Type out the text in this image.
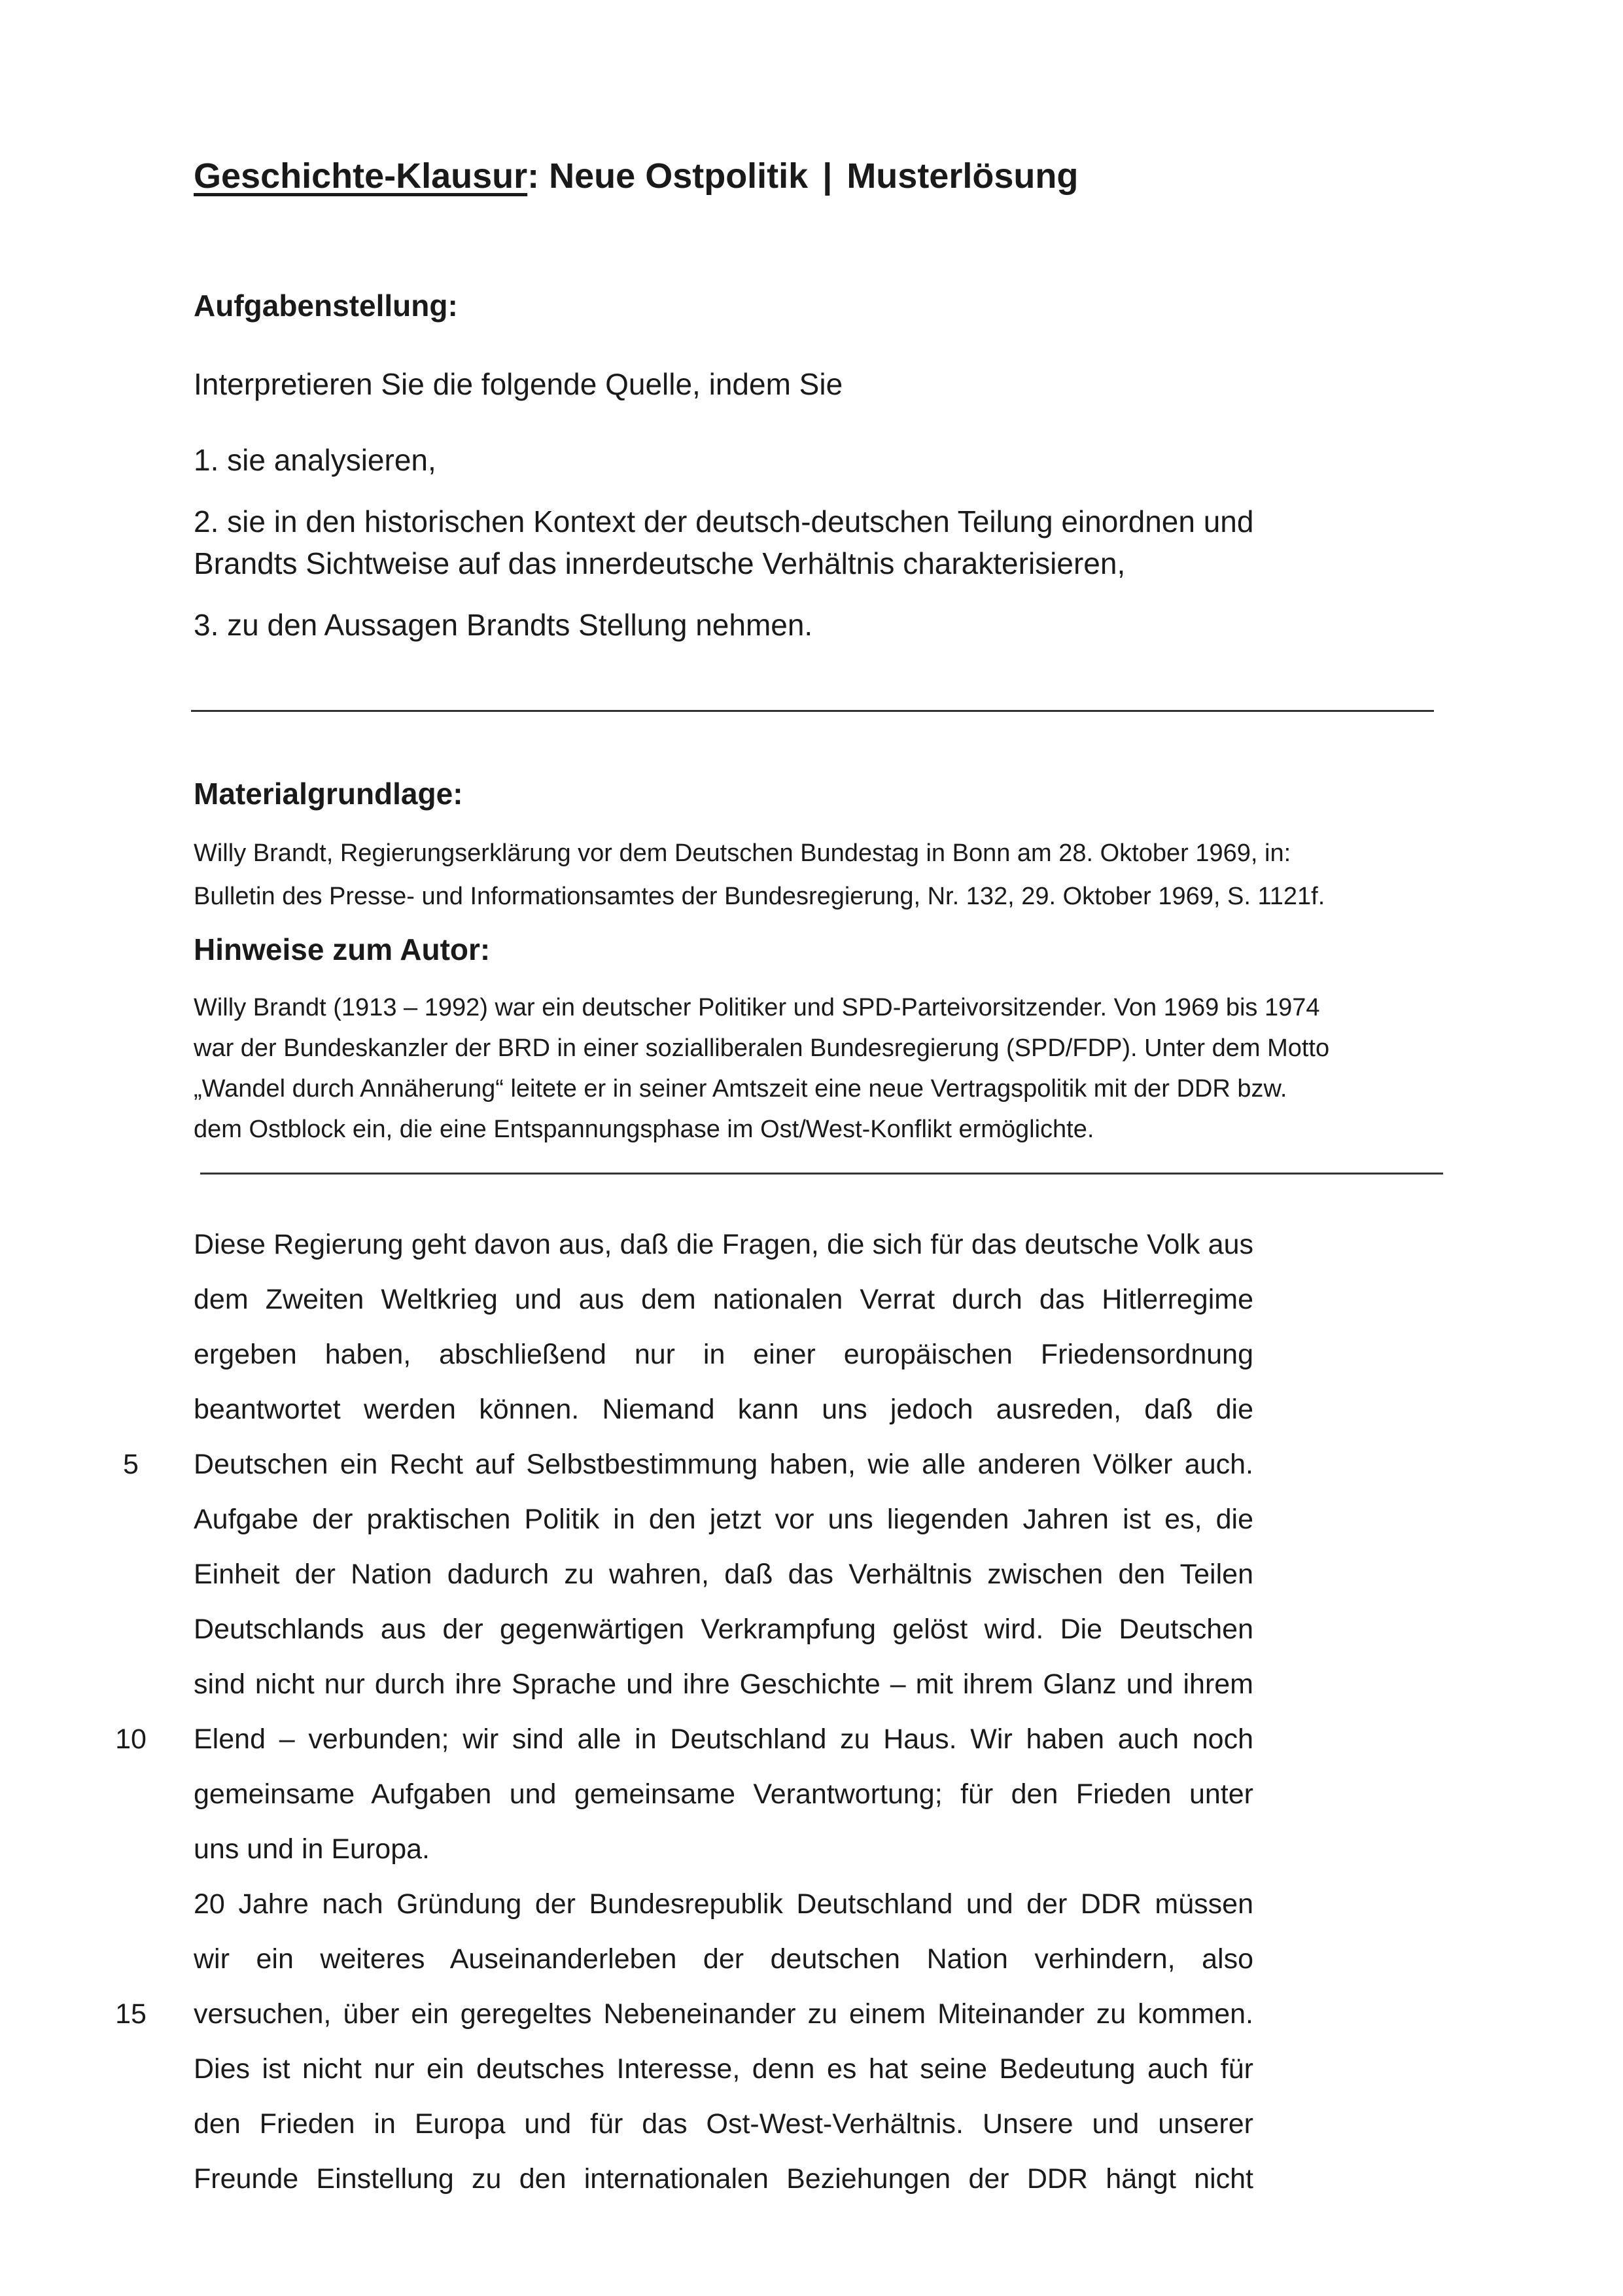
Geschichte-Klausur: Neue Ostpolitik | Musterlösung
Aufgabenstellung:
Interpretieren Sie die folgende Quelle, indem Sie
1. sie analysieren,
2. sie in den historischen Kontext der deutsch-deutschen Teilung einordnen und
Brandts Sichtweise auf das innerdeutsche Verhältnis charakterisieren,
3. zu den Aussagen Brandts Stellung nehmen.
Materialgrundlage:
Willy Brandt, Regierungserklärung vor dem Deutschen Bundestag in Bonn am 28. Oktober 1969, in:
Bulletin des Presse- und Informationsamtes der Bundesregierung, Nr. 132, 29. Oktober 1969, S. 1121f.
Hinweise zum Autor:
Willy Brandt (1913 – 1992) war ein deutscher Politiker und SPD-Parteivorsitzender. Von 1969 bis 1974
war der Bundeskanzler der BRD in einer sozialliberalen Bundesregierung (SPD/FDP). Unter dem Motto
„Wandel durch Annäherung“ leitete er in seiner Amtszeit eine neue Vertragspolitik mit der DDR bzw.
dem Ostblock ein, die eine Entspannungsphase im Ost/West-Konflikt ermöglichte.
Diese Regierung geht davon aus, daß die Fragen, die sich für das deutsche Volk aus
dem Zweiten Weltkrieg und aus dem nationalen Verrat durch das Hitlerregime
ergeben haben, abschließend nur in einer europäischen Friedensordnung
beantwortet werden können. Niemand kann uns jedoch ausreden, daß die
Deutschen ein Recht auf Selbstbestimmung haben, wie alle anderen Völker auch.
Aufgabe der praktischen Politik in den jetzt vor uns liegenden Jahren ist es, die
Einheit der Nation dadurch zu wahren, daß das Verhältnis zwischen den Teilen
Deutschlands aus der gegenwärtigen Verkrampfung gelöst wird. Die Deutschen
sind nicht nur durch ihre Sprache und ihre Geschichte – mit ihrem Glanz und ihrem
Elend – verbunden; wir sind alle in Deutschland zu Haus. Wir haben auch noch
gemeinsame Aufgaben und gemeinsame Verantwortung; für den Frieden unter
uns und in Europa.
20 Jahre nach Gründung der Bundesrepublik Deutschland und der DDR müssen
wir ein weiteres Auseinanderleben der deutschen Nation verhindern, also
versuchen, über ein geregeltes Nebeneinander zu einem Miteinander zu kommen.
Dies ist nicht nur ein deutsches Interesse, denn es hat seine Bedeutung auch für
den Frieden in Europa und für das Ost-West-Verhältnis. Unsere und unserer
Freunde Einstellung zu den internationalen Beziehungen der DDR hängt nicht
5
10
15
